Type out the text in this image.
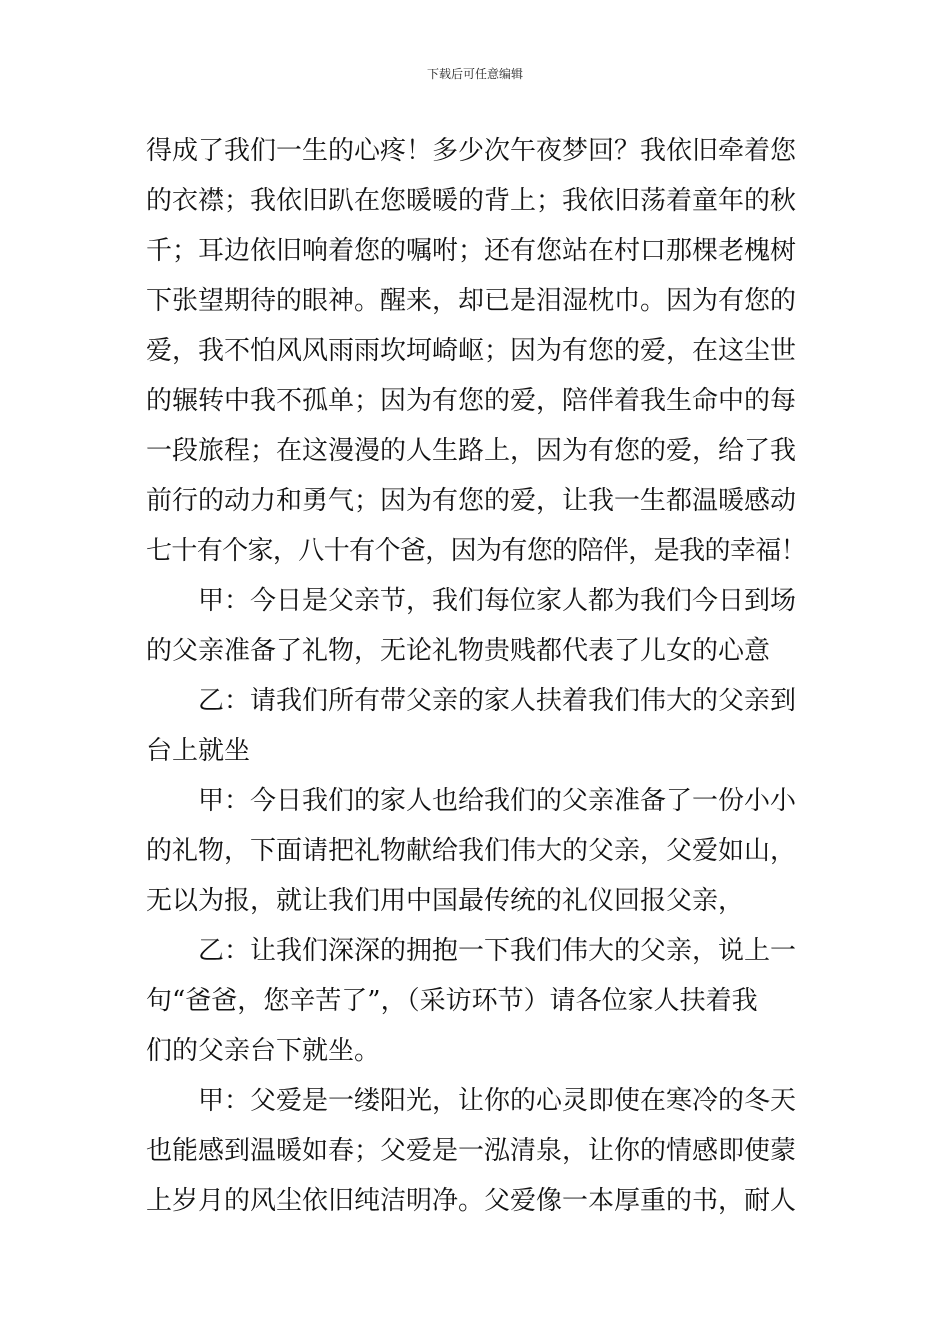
下载后可任意编辑
得成了我们一生的心疼！多少次午夜梦回？我依旧牵着您
的衣襟；我依旧趴在您暖暖的背上；我依旧荡着童年的秋
千；耳边依旧响着您的嘱咐；还有您站在村口那棵老槐树
下张望期待的眼神。醒来，却已是泪湿枕巾。因为有您的
爱，我不怕风风雨雨坎坷崎岖；因为有您的爱，在这尘世
的辗转中我不孤单；因为有您的爱，陪伴着我生命中的每
一段旅程；在这漫漫的人生路上，因为有您的爱，给了我
前行的动力和勇气；因为有您的爱，让我一生都温暖感动
七十有个家，八十有个爸，因为有您的陪伴，是我的幸福！
甲：今日是父亲节，我们每位家人都为我们今日到场
的父亲准备了礼物，无论礼物贵贱都代表了儿女的心意
乙：请我们所有带父亲的家人扶着我们伟大的父亲到
台上就坐
甲：今日我们的家人也给我们的父亲准备了一份小小
的礼物，下面请把礼物献给我们伟大的父亲，父爱如山，
无以为报，就让我们用中国最传统的礼仪回报父亲，
乙：让我们深深的拥抱一下我们伟大的父亲，说上一
句“爸爸，您辛苦了”，（采访环节）请各位家人扶着我
们的父亲台下就坐。
甲：父爱是一缕阳光，让你的心灵即使在寒冷的冬天
也能感到温暖如春；父爱是一泓清泉，让你的情感即使蒙
上岁月的风尘依旧纯洁明净。父爱像一本厚重的书，耐人
